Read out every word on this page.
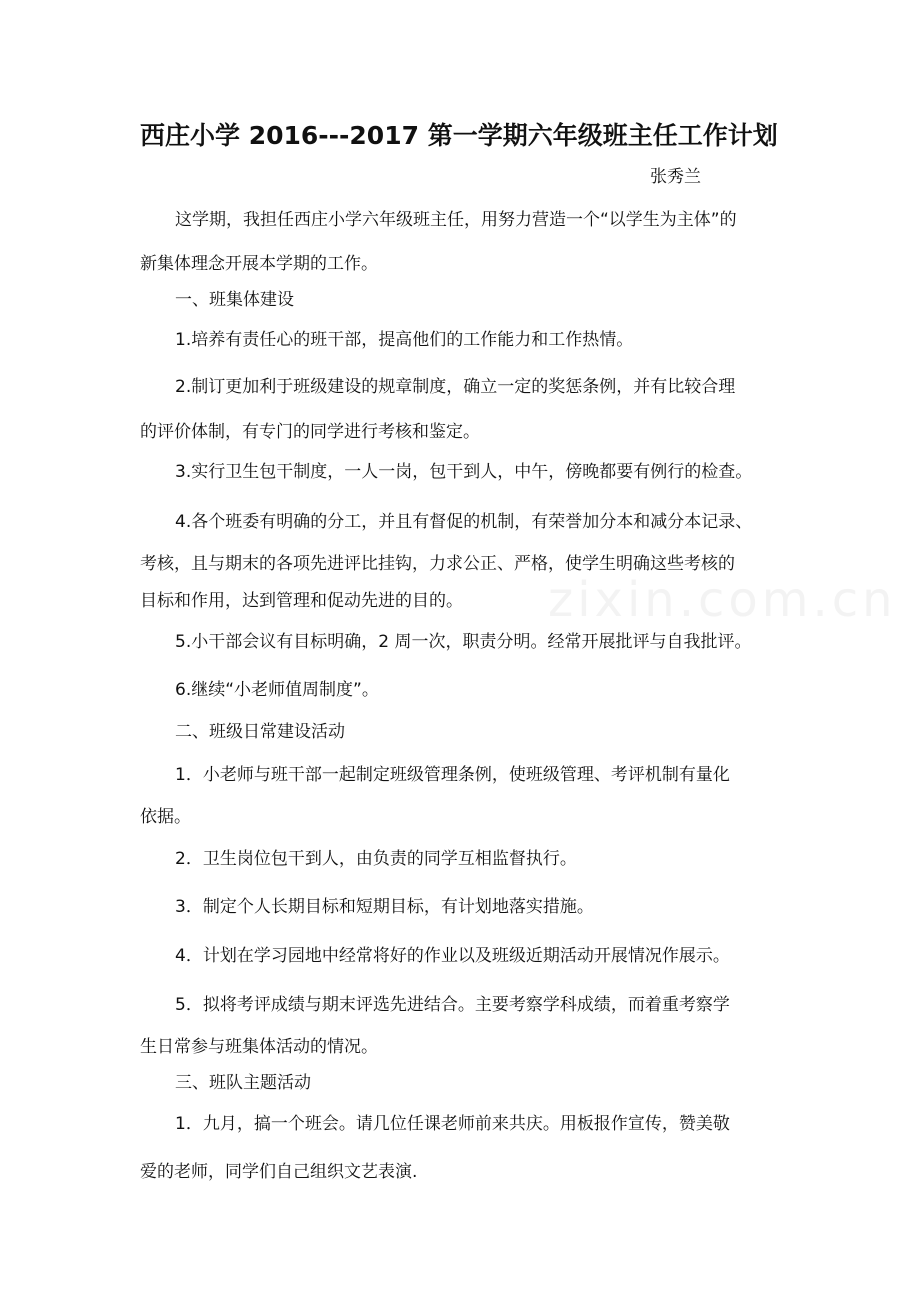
zixin.com.cn
西庄小学 2016---2017 第一学期六年级班主任工作计划
张秀兰
这学期，我担任西庄小学六年级班主任，用努力营造一个“以学生为主体”的
新集体理念开展本学期的工作。
一、班集体建设
1.培养有责任心的班干部，提高他们的工作能力和工作热情。
2.制订更加利于班级建设的规章制度，确立一定的奖惩条例，并有比较合理
的评价体制，有专门的同学进行考核和鉴定。
3.实行卫生包干制度，一人一岗，包干到人，中午，傍晚都要有例行的检查。
4.各个班委有明确的分工，并且有督促的机制，有荣誉加分本和减分本记录、
考核，且与期末的各项先进评比挂钩，力求公正、严格，使学生明确这些考核的
目标和作用，达到管理和促动先进的目的。
5.小干部会议有目标明确，2 周一次，职责分明。经常开展批评与自我批评。
6.继续“小老师值周制度”。
二、班级日常建设活动
1．小老师与班干部一起制定班级管理条例，使班级管理、考评机制有量化
依据。
2．卫生岗位包干到人，由负责的同学互相监督执行。
3．制定个人长期目标和短期目标，有计划地落实措施。
4．计划在学习园地中经常将好的作业以及班级近期活动开展情况作展示。
5．拟将考评成绩与期末评选先进结合。主要考察学科成绩，而着重考察学
生日常参与班集体活动的情况。
三、班队主题活动
1．九月，搞一个班会。请几位任课老师前来共庆。用板报作宣传，赞美敬
爱的老师，同学们自己组织文艺表演.
